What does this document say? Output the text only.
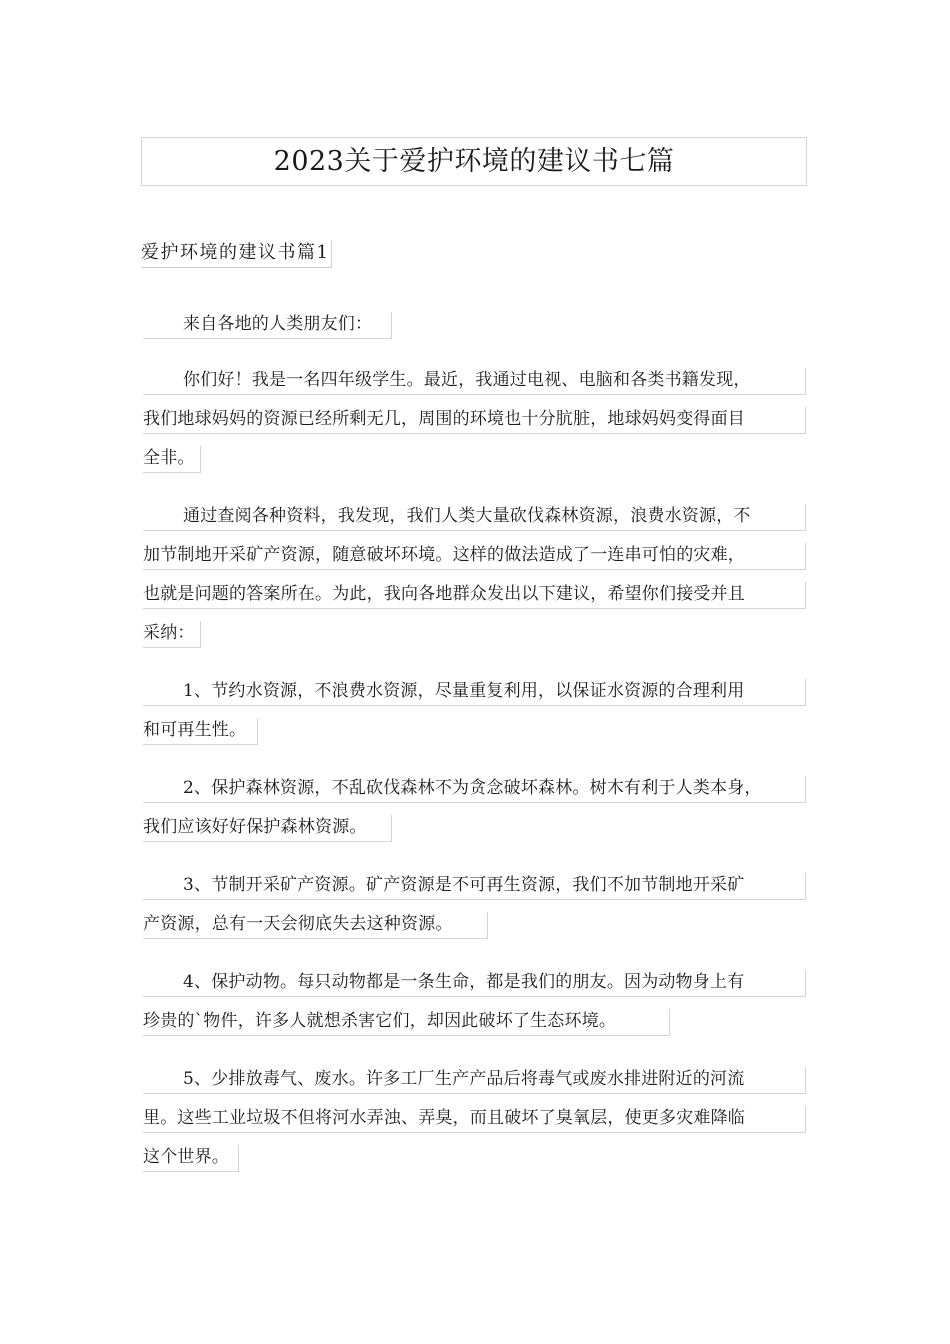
2023关于爱护环境的建议书七篇
爱护环境的建议书篇1
来自各地的人类朋友们：
你们好！我是一名四年级学生。最近，我通过电视、电脑和各类书籍发现，
我们地球妈妈的资源已经所剩无几，周围的环境也十分肮脏，地球妈妈变得面目
全非。
通过查阅各种资料，我发现，我们人类大量砍伐森林资源，浪费水资源，不
加节制地开采矿产资源，随意破坏环境。这样的做法造成了一连串可怕的灾难，
也就是问题的答案所在。为此，我向各地群众发出以下建议，希望你们接受并且
采纳：
1、节约水资源，不浪费水资源，尽量重复利用，以保证水资源的合理利用
和可再生性。
2、保护森林资源，不乱砍伐森林不为贪念破坏森林。树木有利于人类本身，
我们应该好好保护森林资源。
3、节制开采矿产资源。矿产资源是不可再生资源，我们不加节制地开采矿
产资源，总有一天会彻底失去这种资源。
4、保护动物。每只动物都是一条生命，都是我们的朋友。因为动物身上有
珍贵的`物件，许多人就想杀害它们，却因此破坏了生态环境。
5、少排放毒气、废水。许多工厂生产产品后将毒气或废水排进附近的河流
里。这些工业垃圾不但将河水弄浊、弄臭，而且破坏了臭氧层，使更多灾难降临
这个世界。
